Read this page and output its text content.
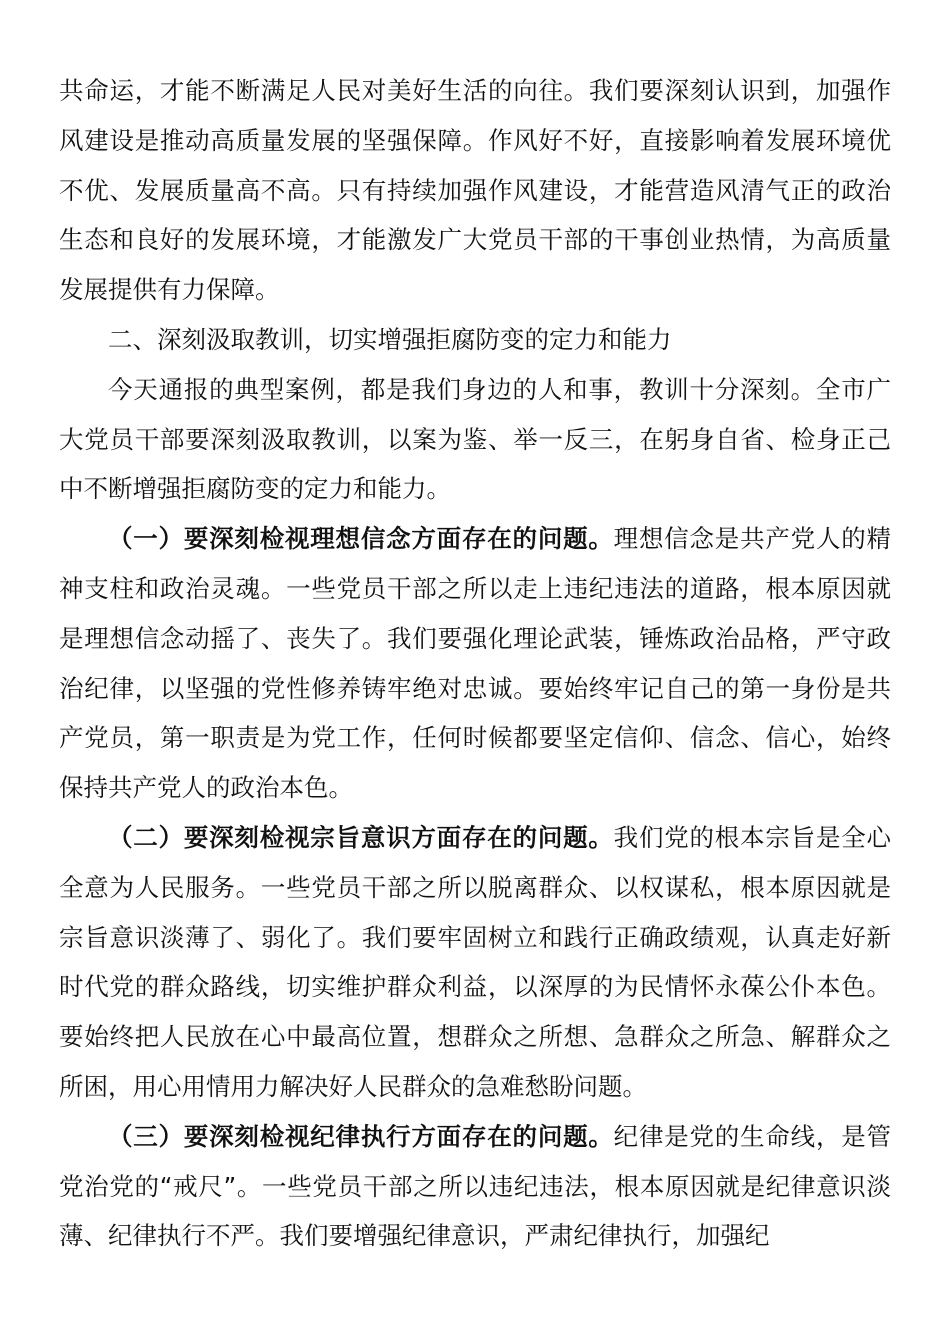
共命运，才能不断满足人民对美好生活的向往。我们要深刻认识到，加强作风建设是推动高质量发展的坚强保障。作风好不好，直接影响着发展环境优不优、发展质量高不高。只有持续加强作风建设，才能营造风清气正的政治生态和良好的发展环境，才能激发广大党员干部的干事创业热情，为高质量发展提供有力保障。

二、深刻汲取教训，切实增强拒腐防变的定力和能力

今天通报的典型案例，都是我们身边的人和事，教训十分深刻。全市广大党员干部要深刻汲取教训，以案为鉴、举一反三，在躬身自省、检身正己中不断增强拒腐防变的定力和能力。

（一）要深刻检视理想信念方面存在的问题。理想信念是共产党人的精神支柱和政治灵魂。一些党员干部之所以走上违纪违法的道路，根本原因就是理想信念动摇了、丧失了。我们要强化理论武装，锤炼政治品格，严守政治纪律，以坚强的党性修养铸牢绝对忠诚。要始终牢记自己的第一身份是共产党员，第一职责是为党工作，任何时候都要坚定信仰、信念、信心，始终保持共产党人的政治本色。

（二）要深刻检视宗旨意识方面存在的问题。我们党的根本宗旨是全心全意为人民服务。一些党员干部之所以脱离群众、以权谋私，根本原因就是宗旨意识淡薄了、弱化了。我们要牢固树立和践行正确政绩观，认真走好新时代党的群众路线，切实维护群众利益，以深厚的为民情怀永葆公仆本色。要始终把人民放在心中最高位置，想群众之所想、急群众之所急、解群众之所困，用心用情用力解决好人民群众的急难愁盼问题。

（三）要深刻检视纪律执行方面存在的问题。纪律是党的生命线，是管党治党的“戒尺”。一些党员干部之所以违纪违法，根本原因就是纪律意识淡薄、纪律执行不严。我们要增强纪律意识，严肃纪律执行，加强纪
